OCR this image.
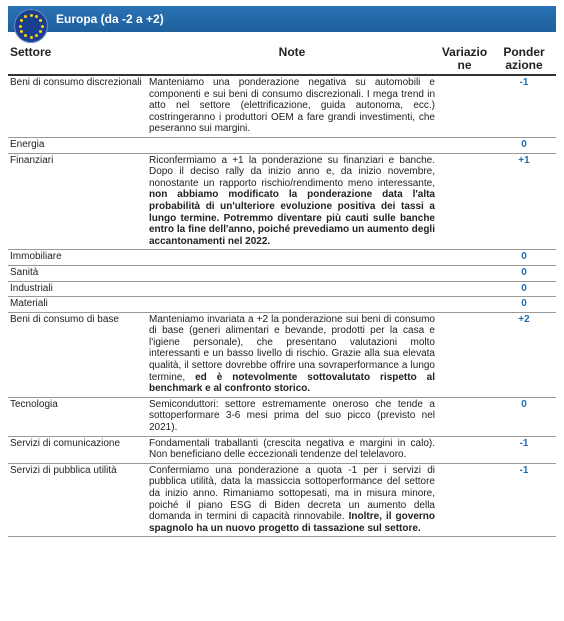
Europa (da -2 a +2)
Settore	Note	Variazio ne	Ponder azione
Beni di consumo discrezionali	Manteniamo una ponderazione negativa su automobili e componenti e sui beni di consumo discrezionali. I mega trend in atto nel settore (elettrificazione, guida autonoma, ecc.) costringeranno i produttori OEM a fare grandi investimenti, che peseranno sui margini.		-1
Energia			0
Finanziari	Riconfermiamo a +1 la ponderazione su finanziari e banche. Dopo il deciso rally da inizio anno e, da inizio novembre, nonostante un rapporto rischio/rendimento meno interessante, non abbiamo modificato la ponderazione data l'alta probabilità di un'ulteriore evoluzione positiva dei tassi a lungo termine. Potremmo diventare più cauti sulle banche entro la fine dell'anno, poiché prevediamo un aumento degli accantonamenti nel 2022.		+1
Immobiliare			0
Sanità			0
Industriali			0
Materiali			0
Beni di consumo di base	Manteniamo invariata a +2 la ponderazione sui beni di consumo di base (generi alimentari e bevande, prodotti per la casa e l'igiene personale), che presentano valutazioni molto interessanti e un basso livello di rischio. Grazie alla sua elevata qualità, il settore dovrebbe offrire una sovraperformance a lungo termine, ed è notevolmente sottovalutato rispetto al benchmark e al confronto storico.		+2
Tecnologia	Semiconduttori: settore estremamente oneroso che tende a sottoperformare 3-6 mesi prima del suo picco (previsto nel 2021).		0
Servizi di comunicazione	Fondamentali traballanti (crescita negativa e margini in calo). Non beneficiano delle eccezionali tendenze del telelavoro.		-1
Servizi di pubblica utilità	Confermiamo una ponderazione a quota -1 per i servizi di pubblica utilità, data la massiccia sottoperformance del settore da inizio anno. Rimaniamo sottopesati, ma in misura minore, poiché il piano ESG di Biden decreta un aumento della domanda in termini di capacità rinnovabile. Inoltre, il governo spagnolo ha un nuovo progetto di tassazione sul settore.		-1
